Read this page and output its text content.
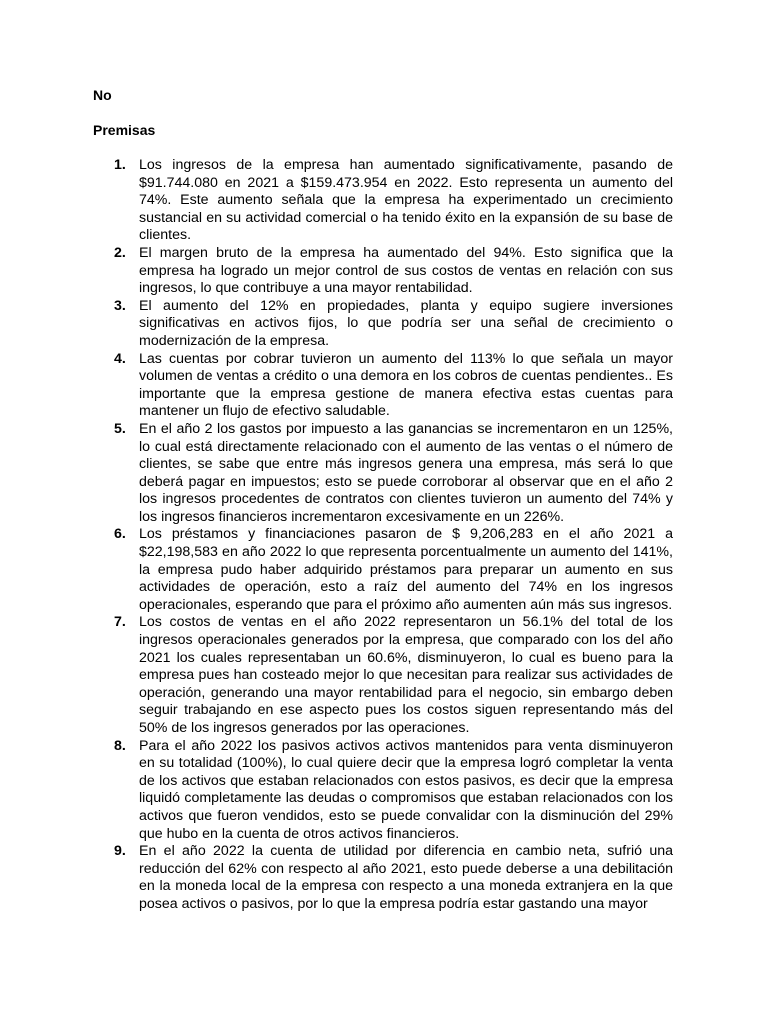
No

Premisas

1. Los ingresos de la empresa han aumentado significativamente, pasando de $91.744.080 en 2021 a $159.473.954 en 2022. Esto representa un aumento del 74%. Este aumento señala que la empresa ha experimentado un crecimiento sustancial en su actividad comercial o ha tenido éxito en la expansión de su base de clientes.
2. El margen bruto de la empresa ha aumentado del 94%. Esto significa que la empresa ha logrado un mejor control de sus costos de ventas en relación con sus ingresos, lo que contribuye a una mayor rentabilidad.
3. El aumento del 12% en propiedades, planta y equipo sugiere inversiones significativas en activos fijos, lo que podría ser una señal de crecimiento o modernización de la empresa.
4. Las cuentas por cobrar tuvieron un aumento del 113% lo que señala un mayor volumen de ventas a crédito o una demora en los cobros de cuentas pendientes.. Es importante que la empresa gestione de manera efectiva estas cuentas para mantener un flujo de efectivo saludable.
5. En el año 2 los gastos por impuesto a las ganancias se incrementaron en un 125%, lo cual está directamente relacionado con el aumento de las ventas o el número de clientes, se sabe que entre más ingresos genera una empresa, más será lo que deberá pagar en impuestos; esto se puede corroborar al observar que en el año 2 los ingresos procedentes de contratos con clientes tuvieron un aumento del 74% y los ingresos financieros incrementaron excesivamente en un 226%.
6. Los préstamos y financiaciones pasaron de $ 9,206,283 en el año 2021 a $22,198,583 en año 2022 lo que representa porcentualmente un aumento del 141%, la empresa pudo haber adquirido préstamos para preparar un aumento en sus actividades de operación, esto a raíz del aumento del 74% en los ingresos operacionales, esperando que para el próximo año aumenten aún más sus ingresos.
7. Los costos de ventas en el año 2022 representaron un 56.1% del total de los ingresos operacionales generados por la empresa, que comparado con los del año 2021 los cuales representaban un 60.6%, disminuyeron, lo cual es bueno para la empresa pues han costeado mejor lo que necesitan para realizar sus actividades de operación, generando una mayor rentabilidad para el negocio, sin embargo deben seguir trabajando en ese aspecto pues los costos siguen representando más del 50% de los ingresos generados por las operaciones.
8. Para el año 2022 los pasivos activos activos mantenidos para venta disminuyeron en su totalidad (100%), lo cual quiere decir que la empresa logró completar la venta de los activos que estaban relacionados con estos pasivos, es decir que la empresa liquidó completamente las deudas o compromisos que estaban relacionados con los activos que fueron vendidos, esto se puede convalidar con la disminución del 29% que hubo en la cuenta de otros activos financieros.
9. En el año 2022 la cuenta de utilidad por diferencia en cambio neta, sufrió una reducción del 62% con respecto al año 2021, esto puede deberse a una debilitación en la moneda local de la empresa con respecto a una moneda extranjera en la que posea activos o pasivos, por lo que la empresa podría estar gastando una mayor
